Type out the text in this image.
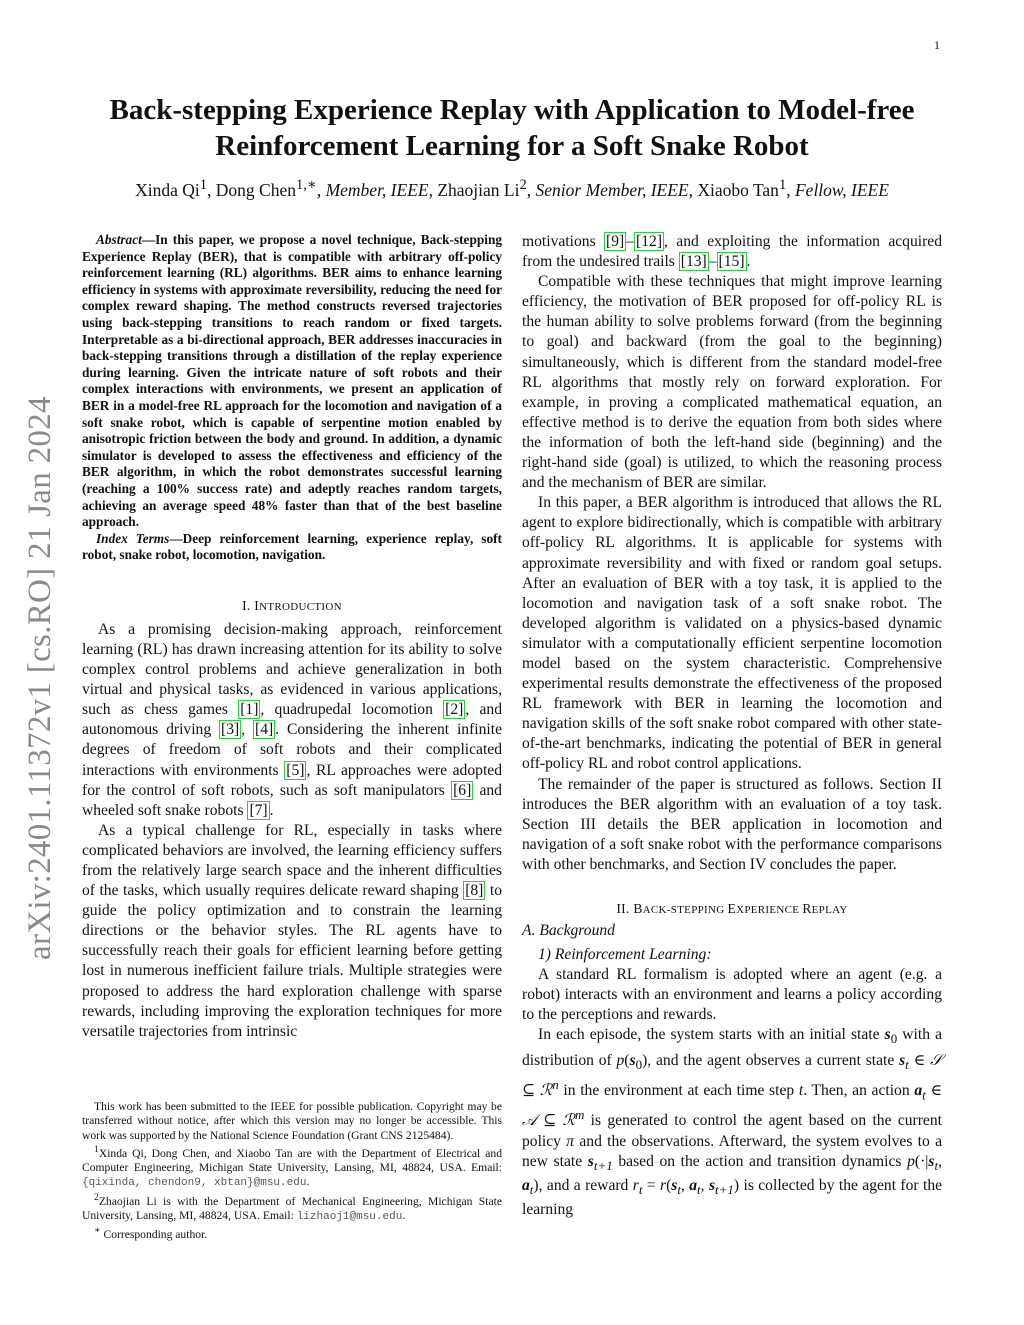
1
arXiv:2401.11372v1 [cs.RO] 21 Jan 2024
Back-stepping Experience Replay with Application to Model-free Reinforcement Learning for a Soft Snake Robot
Xinda Qi$^1$, Dong Chen$^{1,∗}$, Member, IEEE, Zhaojian Li$^2$, Senior Member, IEEE, Xiaobo Tan$^1$, Fellow, IEEE

Abstract—In this paper, we propose a novel technique, Back-stepping Experience Replay (BER), that is compatible with arbitrary off-policy reinforcement learning (RL) algorithms. BER aims to enhance learning efficiency in systems with approximate reversibility, reducing the need for complex reward shaping. The method constructs reversed trajectories using back-stepping transitions to reach random or fixed targets. Interpretable as a bi-directional approach, BER addresses inaccuracies in back-stepping transitions through a distillation of the replay experience during learning. Given the intricate nature of soft robots and their complex interactions with environments, we present an application of BER in a model-free RL approach for the locomotion and navigation of a soft snake robot, which is capable of serpentine motion enabled by anisotropic friction between the body and ground. In addition, a dynamic simulator is developed to assess the effectiveness and efficiency of the BER algorithm, in which the robot demonstrates successful learning (reaching a 100% success rate) and adeptly reaches random targets, achieving an average speed 48% faster than that of the best baseline approach.

Index Terms—Deep reinforcement learning, experience replay, soft robot, snake robot, locomotion, navigation.

I. INTRODUCTION

As a promising decision-making approach, reinforcement learning (RL) has drawn increasing attention for its ability to solve complex control problems and achieve generalization in both virtual and physical tasks, as evidenced in various applications, such as chess games [1] , quadrupedal locomotion [2] , and autonomous driving [3] , [4] . Considering the inherent infinite degrees of freedom of soft robots and their complicated interactions with environments [5] , RL approaches were adopted for the control of soft robots, such as soft manipulators [6] and wheeled soft snake robots [7] .

As a typical challenge for RL, especially in tasks where complicated behaviors are involved, the learning efficiency suffers from the relatively large search space and the inherent difficulties of the tasks, which usually requires delicate reward shaping [8] to guide the policy optimization and to constrain the learning directions or the behavior styles. The RL agents have to successfully reach their goals for efficient learning before getting lost in numerous inefficient failure trials. Multiple strategies were proposed to address the hard exploration challenge with sparse rewards, including improving the exploration techniques for more versatile trajectories from intrinsic

This work has been submitted to the IEEE for possible publication. Copyright may be transferred without notice, after which this version may no longer be accessible. This work was supported by the National Science Foundation (Grant CNS 2125484).

$^1$Xinda Qi, Dong Chen, and Xiaobo Tan are with the Department of Electrical and Computer Engineering, Michigan State University, Lansing, MI, 48824, USA. Email:{qixinda, chendon9, xbtan}@msu.edu.

$^2$Zhaojian Li is with the Department of Mechanical Engineering, Michigan State University, Lansing, MI, 48824, USA. Email: lizhaoj1@msu.edu.

∗ Corresponding author.

motivations [9] – [12] , and exploiting the information acquired from the undesired trails [13] – [15] .

Compatible with these techniques that might improve learning efficiency, the motivation of BER proposed for off-policy RL is the human ability to solve problems forward (from the beginning to goal) and backward (from the goal to the beginning) simultaneously, which is different from the standard model-free RL algorithms that mostly rely on forward exploration. For example, in proving a complicated mathematical equation, an effective method is to derive the equation from both sides where the information of both the left-hand side (beginning) and the right-hand side (goal) is utilized, to which the reasoning process and the mechanism of BER are similar.

In this paper, a BER algorithm is introduced that allows the RL agent to explore bidirectionally, which is compatible with arbitrary off-policy RL algorithms. It is applicable for systems with approximate reversibility and with fixed or random goal setups. After an evaluation of BER with a toy task, it is applied to the locomotion and navigation task of a soft snake robot. The developed algorithm is validated on a physics-based dynamic simulator with a computationally efficient serpentine locomotion model based on the system characteristic. Comprehensive experimental results demonstrate the effectiveness of the proposed RL framework with BER in learning the locomotion and navigation skills of the soft snake robot compared with other state-of-the-art benchmarks, indicating the potential of BER in general off-policy RL and robot control applications.

The remainder of the paper is structured as follows. Section II introduces the BER algorithm with an evaluation of a toy task. Section III details the BER application in locomotion and navigation of a soft snake robot with the performance comparisons with other benchmarks, and Section IV concludes the paper.

II. BACK-STEPPING EXPERIENCE REPLAY

A. Background

1) Reinforcement Learning:

A standard RL formalism is adopted where an agent (e.g. a robot) interacts with an environment and learns a policy according to the perceptions and rewards.

In each episode, the system starts with an initial state $s_0$ with a distribution of $p(s_0)$, and the agent observes a current state $s_t$ ∈ 𝒮 ⊆ ℛ$^n$ in the environment at each time step t. Then, an action $a_t$ ∈ 𝒜 ⊆ ℛ$^m$ is generated to control the agent based on the current policy π and the observations. Afterward, the system evolves to a new state $s_{t+1}$ based on the action and transition dynamics $p(\cdot|s_t$, $a_t$), and a reward $r_t = r(s_t$, $a_t$, $s_{t+1}$) is collected by the agent for the learning
